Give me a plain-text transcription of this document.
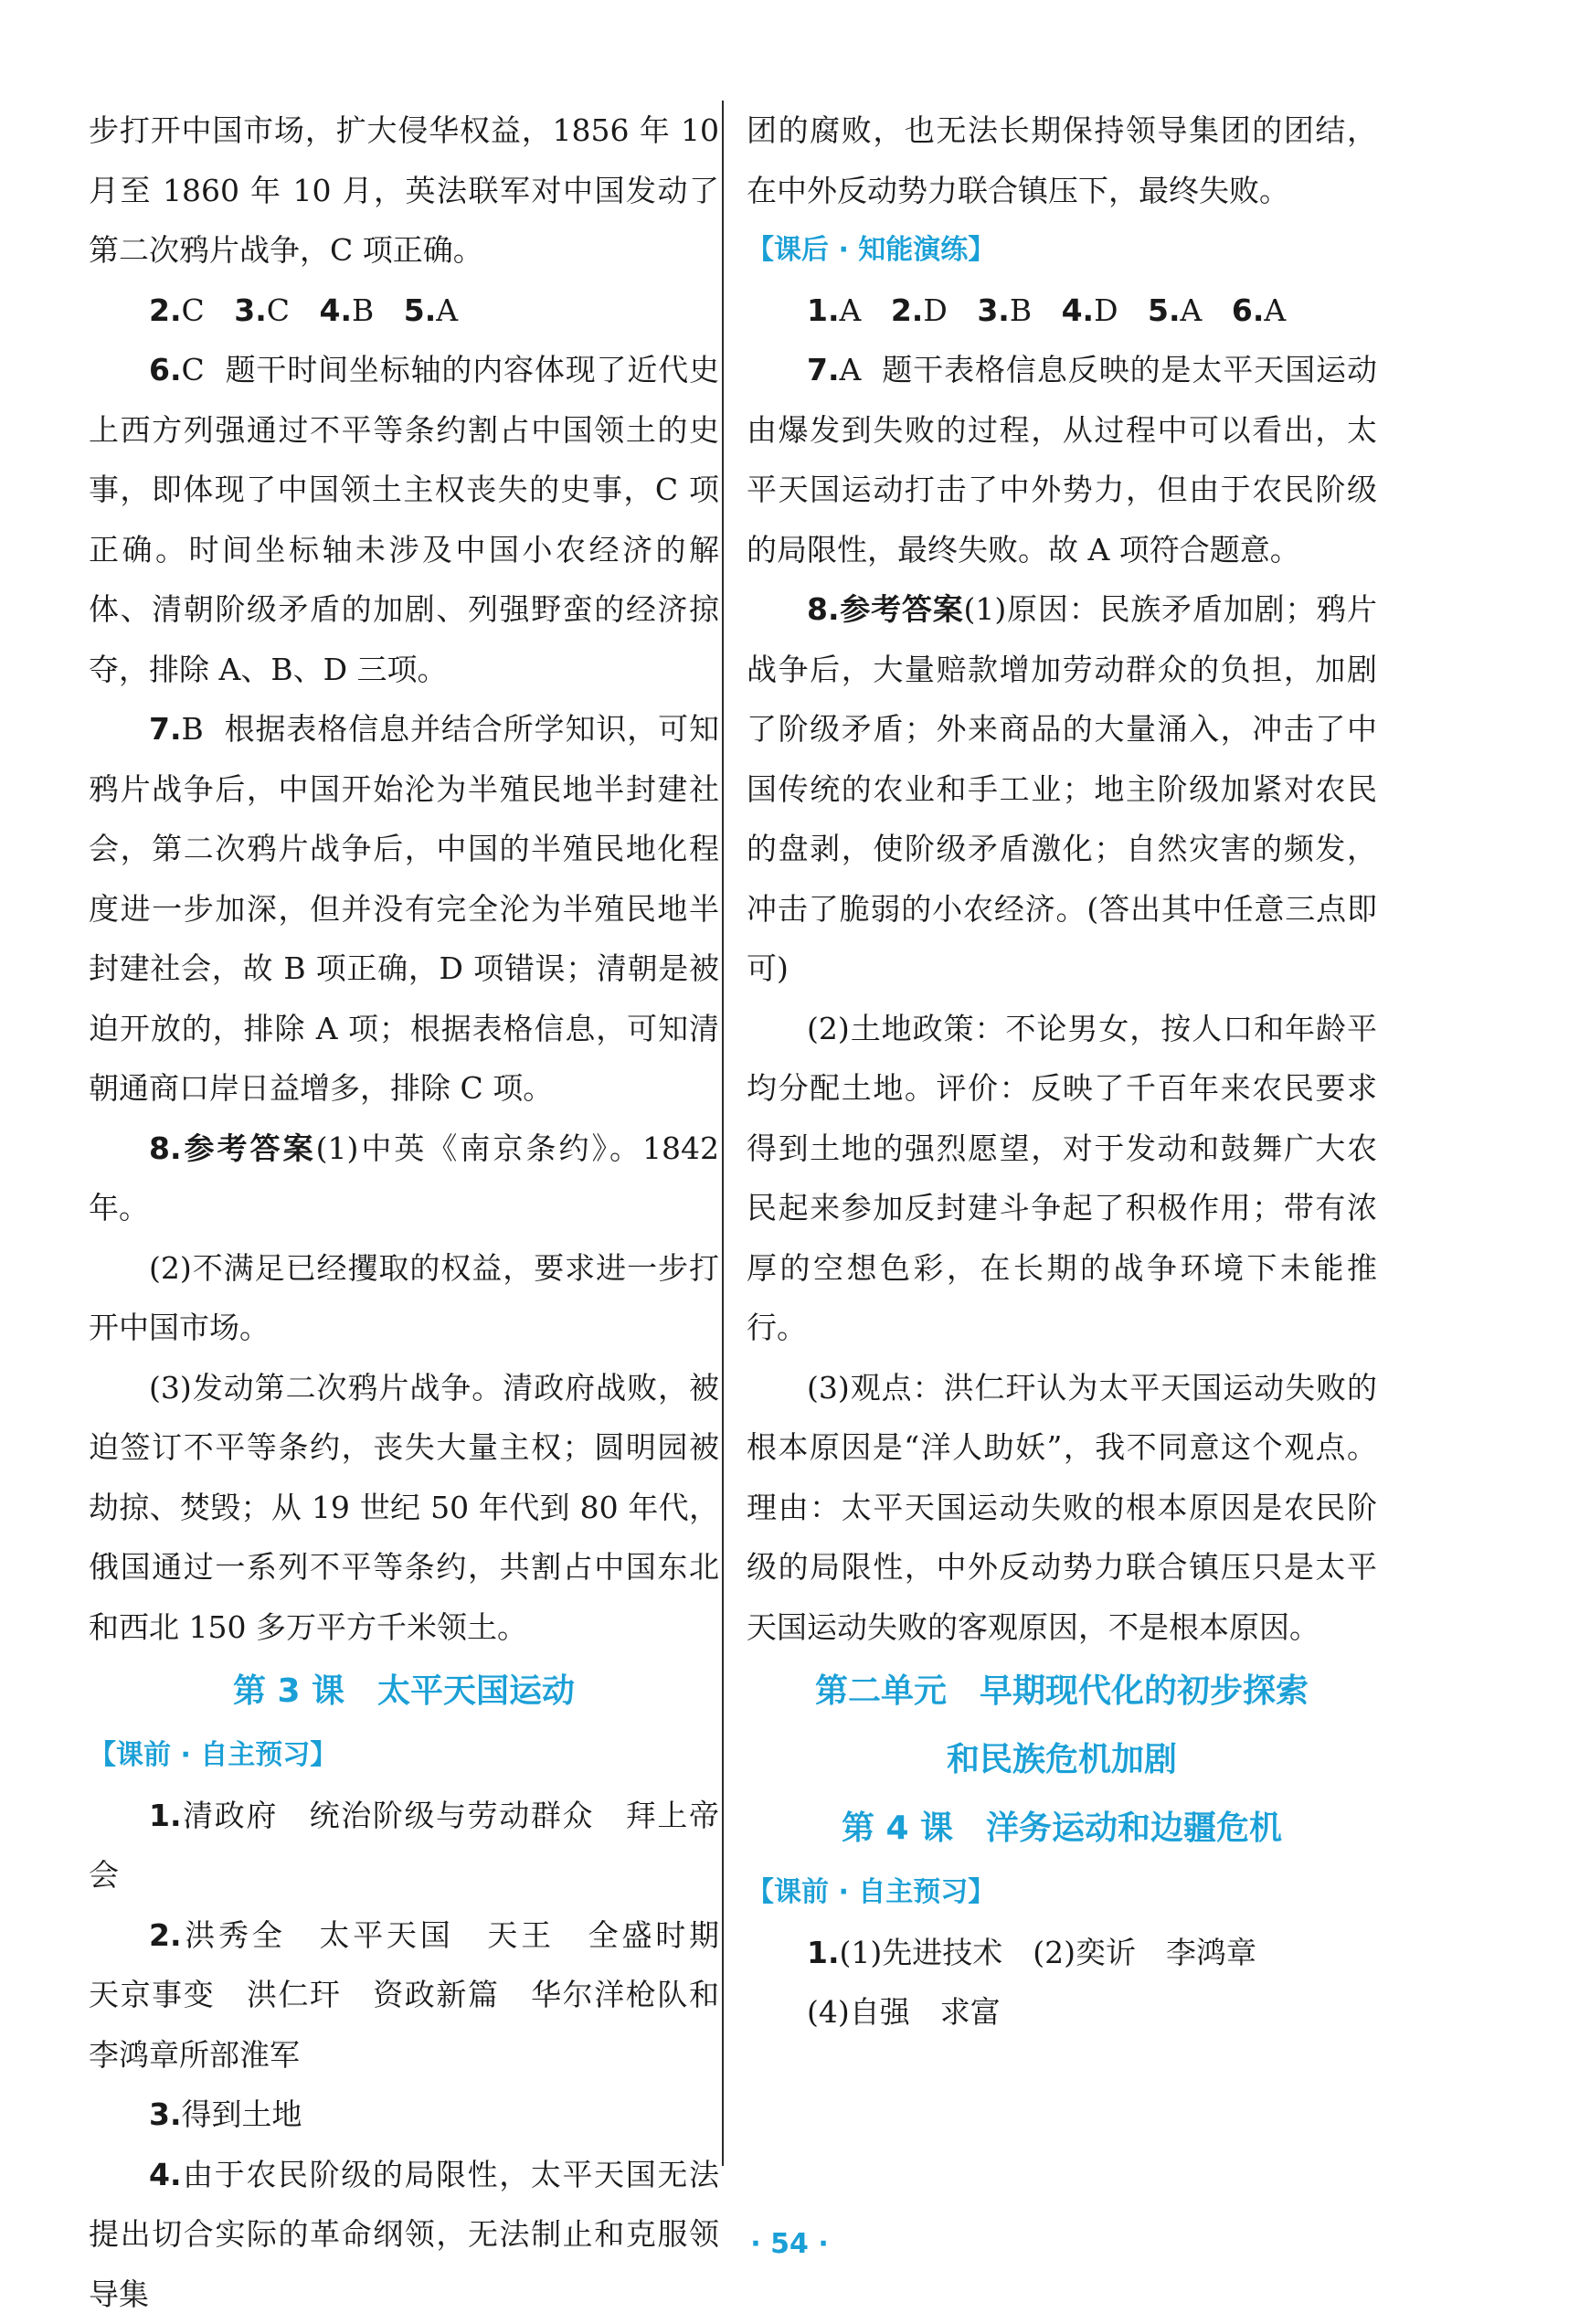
步打开中国市场，扩大侵华权益，1856 年 10 月至 1860 年 10 月，英法联军对中国发动了第二次鸦片战争，C 项正确。

2.C 3.C 4.B 5.A

6.C 题干时间坐标轴的内容体现了近代史上西方列强通过不平等条约割占中国领土的史事，即体现了中国领土主权丧失的史事，C 项正确。时间坐标轴未涉及中国小农经济的解体、清朝阶级矛盾的加剧、列强野蛮的经济掠夺，排除 A、B、D 三项。

7.B 根据表格信息并结合所学知识，可知鸦片战争后，中国开始沦为半殖民地半封建社会，第二次鸦片战争后，中国的半殖民地化程度进一步加深，但并没有完全沦为半殖民地半封建社会，故 B 项正确，D 项错误；清朝是被迫开放的，排除 A 项；根据表格信息，可知清朝通商口岸日益增多，排除 C 项。

8.参考答案(1)中英《南京条约》。1842 年。

(2)不满足已经攫取的权益，要求进一步打开中国市场。

(3)发动第二次鸦片战争。清政府战败，被迫签订不平等条约，丧失大量主权；圆明园被劫掠、焚毁；从 19 世纪 50 年代到 80 年代，俄国通过一系列不平等条约，共割占中国东北和西北 150 多万平方千米领土。

第 3 课　太平天国运动
【课前 · 自主预习】

1.清政府　统治阶级与劳动群众　拜上帝会

2.洪秀全　太平天国　天王　全盛时期　天京事变　洪仁玕　资政新篇　华尔洋枪队和李鸿章所部淮军

3.得到土地

4.由于农民阶级的局限性，太平天国无法提出切合实际的革命纲领，无法制止和克服领导集

团的腐败，也无法长期保持领导集团的团结，在中外反动势力联合镇压下，最终失败。

【课后 · 知能演练】

1.A 2.D 3.B 4.D 5.A 6.A

7.A 题干表格信息反映的是太平天国运动由爆发到失败的过程，从过程中可以看出，太平天国运动打击了中外势力，但由于农民阶级的局限性，最终失败。故 A 项符合题意。

8.参考答案(1)原因：民族矛盾加剧；鸦片战争后，大量赔款增加劳动群众的负担，加剧了阶级矛盾；外来商品的大量涌入，冲击了中国传统的农业和手工业；地主阶级加紧对农民的盘剥，使阶级矛盾激化；自然灾害的频发，冲击了脆弱的小农经济。(答出其中任意三点即可)

(2)土地政策：不论男女，按人口和年龄平均分配土地。评价：反映了千百年来农民要求得到土地的强烈愿望，对于发动和鼓舞广大农民起来参加反封建斗争起了积极作用；带有浓厚的空想色彩，在长期的战争环境下未能推行。

(3)观点：洪仁玕认为太平天国运动失败的根本原因是“洋人助妖”，我不同意这个观点。理由：太平天国运动失败的根本原因是农民阶级的局限性，中外反动势力联合镇压只是太平天国运动失败的客观原因，不是根本原因。

第二单元　早期现代化的初步探索
和民族危机加剧
第 4 课　洋务运动和边疆危机
【课前 · 自主预习】

1.(1)先进技术　(2)奕䜣　李鸿章

(4)自强　求富

· 54 ·
